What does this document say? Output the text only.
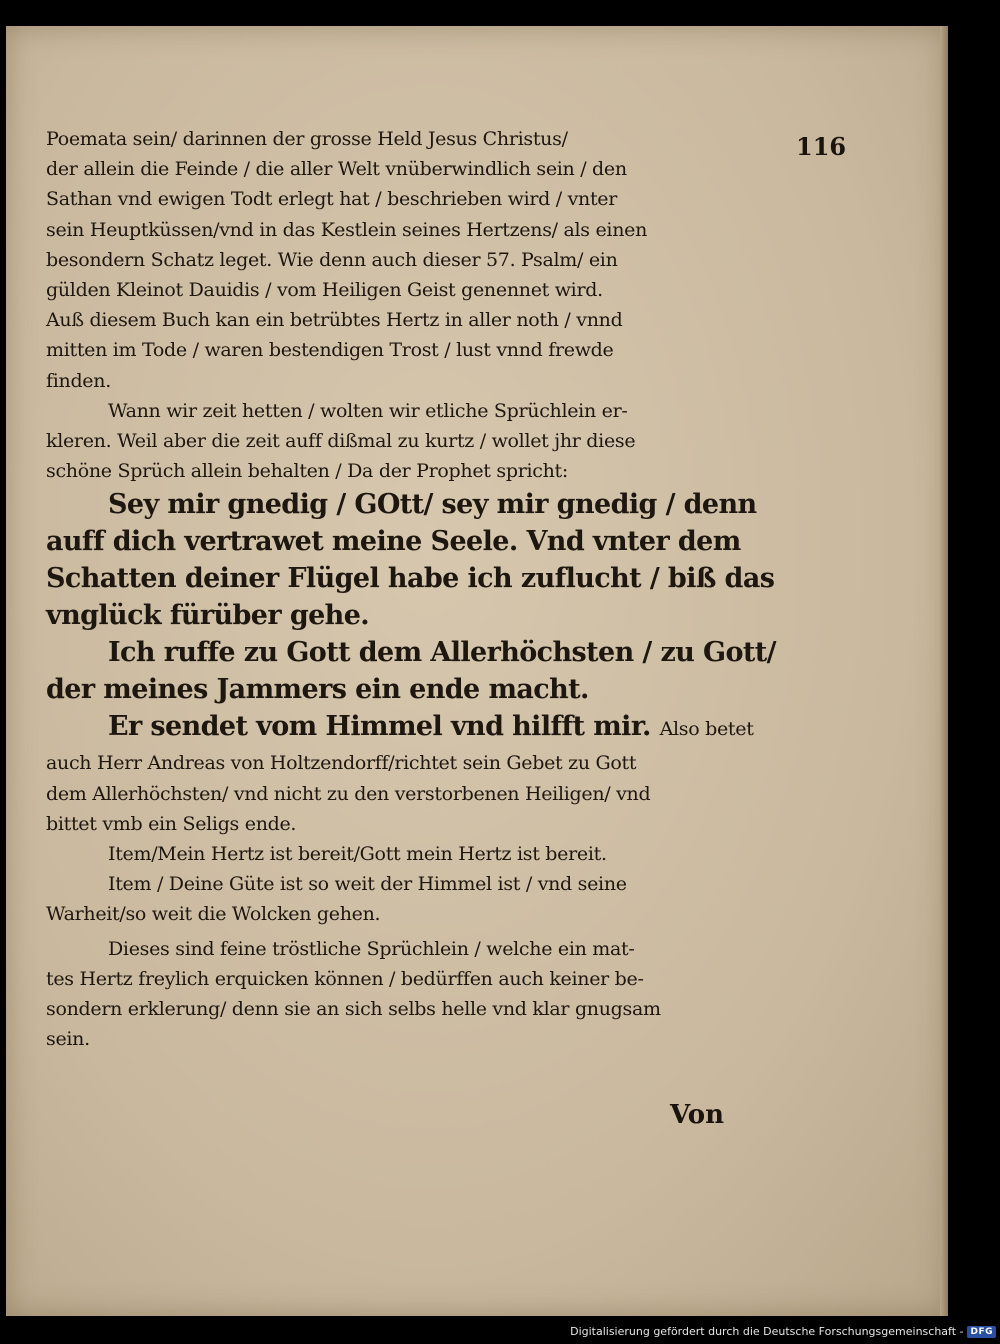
116
Poemata sein/ darinnen der grosse Held Jesus Christus/
der allein die Feinde / die aller Welt vnüberwindlich sein / den
Sathan vnd ewigen Todt erlegt hat / beschrieben wird / vnter
sein Heuptküssen/vnd in das Kestlein seines Hertzens/ als einen
besondern Schatz leget. Wie denn auch dieser 57. Psalm/ ein
gülden Kleinot Dauidis / vom Heiligen Geist genennet wird.
Auß diesem Buch kan ein betrübtes Hertz in aller noth / vnnd
mitten im Tode / waren bestendigen Trost / lust vnnd frewde
finden.
Wann wir zeit hetten / wolten wir etliche Sprüchlein er-
kleren. Weil aber die zeit auff dißmal zu kurtz / wollet jhr diese
schöne Sprüch allein behalten / Da der Prophet spricht:
Sey mir gnedig / GOtt/ sey mir gnedig / denn
auff dich vertrawet meine Seele. Vnd vnter dem
Schatten deiner Flügel habe ich zuflucht / biß das
vnglück fürüber gehe.
Ich ruffe zu Gott dem Allerhöchsten / zu Gott/
der meines Jammers ein ende macht.
Er sendet vom Himmel vnd hilfft mir. Also betet
auch Herr Andreas von Holtzendorff/richtet sein Gebet zu Gott
dem Allerhöchsten/ vnd nicht zu den verstorbenen Heiligen/ vnd
bittet vmb ein Seligs ende.
Item/Mein Hertz ist bereit/Gott mein Hertz ist bereit.
Item / Deine Güte ist so weit der Himmel ist / vnd seine
Warheit/so weit die Wolcken gehen.
Dieses sind feine tröstliche Sprüchlein / welche ein mat-
tes Hertz freylich erquicken können / bedürffen auch keiner be-
sondern erklerung/ denn sie an sich selbs helle vnd klar gnugsam
sein.
Von
Digitalisierung gefördert durch die Deutsche Forschungsgemeinschaft - DFG
